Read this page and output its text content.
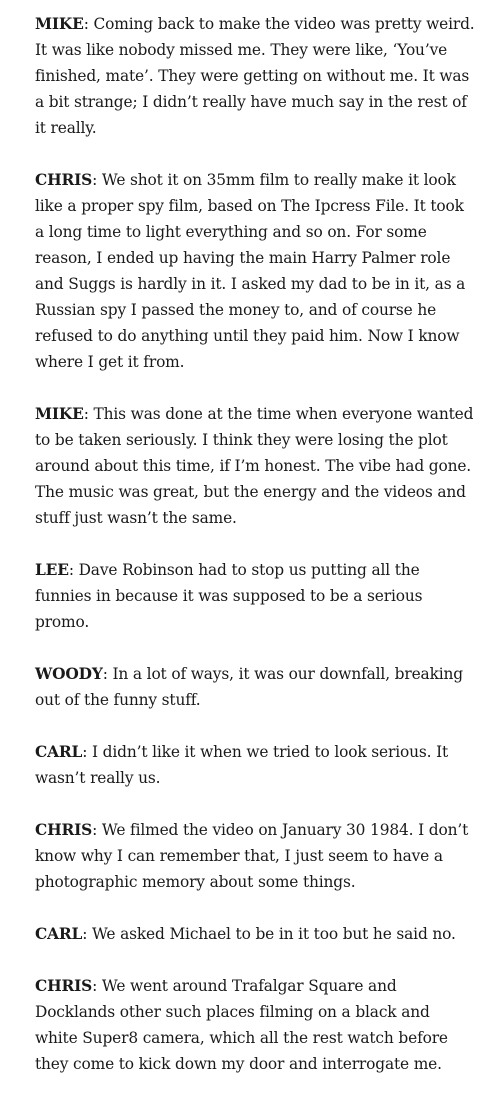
MIKE: Coming back to make the video was pretty weird. It was like nobody missed me. They were like, ‘You’ve finished, mate’. They were getting on without me. It was a bit strange; I didn’t really have much say in the rest of it really.

CHRIS: We shot it on 35mm film to really make it look like a proper spy film, based on The Ipcress File. It took a long time to light everything and so on. For some reason, I ended up having the main Harry Palmer role and Suggs is hardly in it. I asked my dad to be in it, as a Russian spy I passed the money to, and of course he refused to do anything until they paid him. Now I know where I get it from.

MIKE: This was done at the time when everyone wanted to be taken seriously. I think they were losing the plot around about this time, if I’m honest. The vibe had gone. The music was great, but the energy and the videos and stuff just wasn’t the same.

LEE: Dave Robinson had to stop us putting all the funnies in because it was supposed to be a serious promo.

WOODY: In a lot of ways, it was our downfall, breaking out of the funny stuff.

CARL: I didn’t like it when we tried to look serious. It wasn’t really us.

CHRIS: We filmed the video on January 30 1984. I don’t know why I can remember that, I just seem to have a photographic memory about some things.

CARL: We asked Michael to be in it too but he said no.

CHRIS: We went around Trafalgar Square and Docklands other such places filming on a black and white Super8 camera, which all the rest watch before they come to kick down my door and interrogate me.
